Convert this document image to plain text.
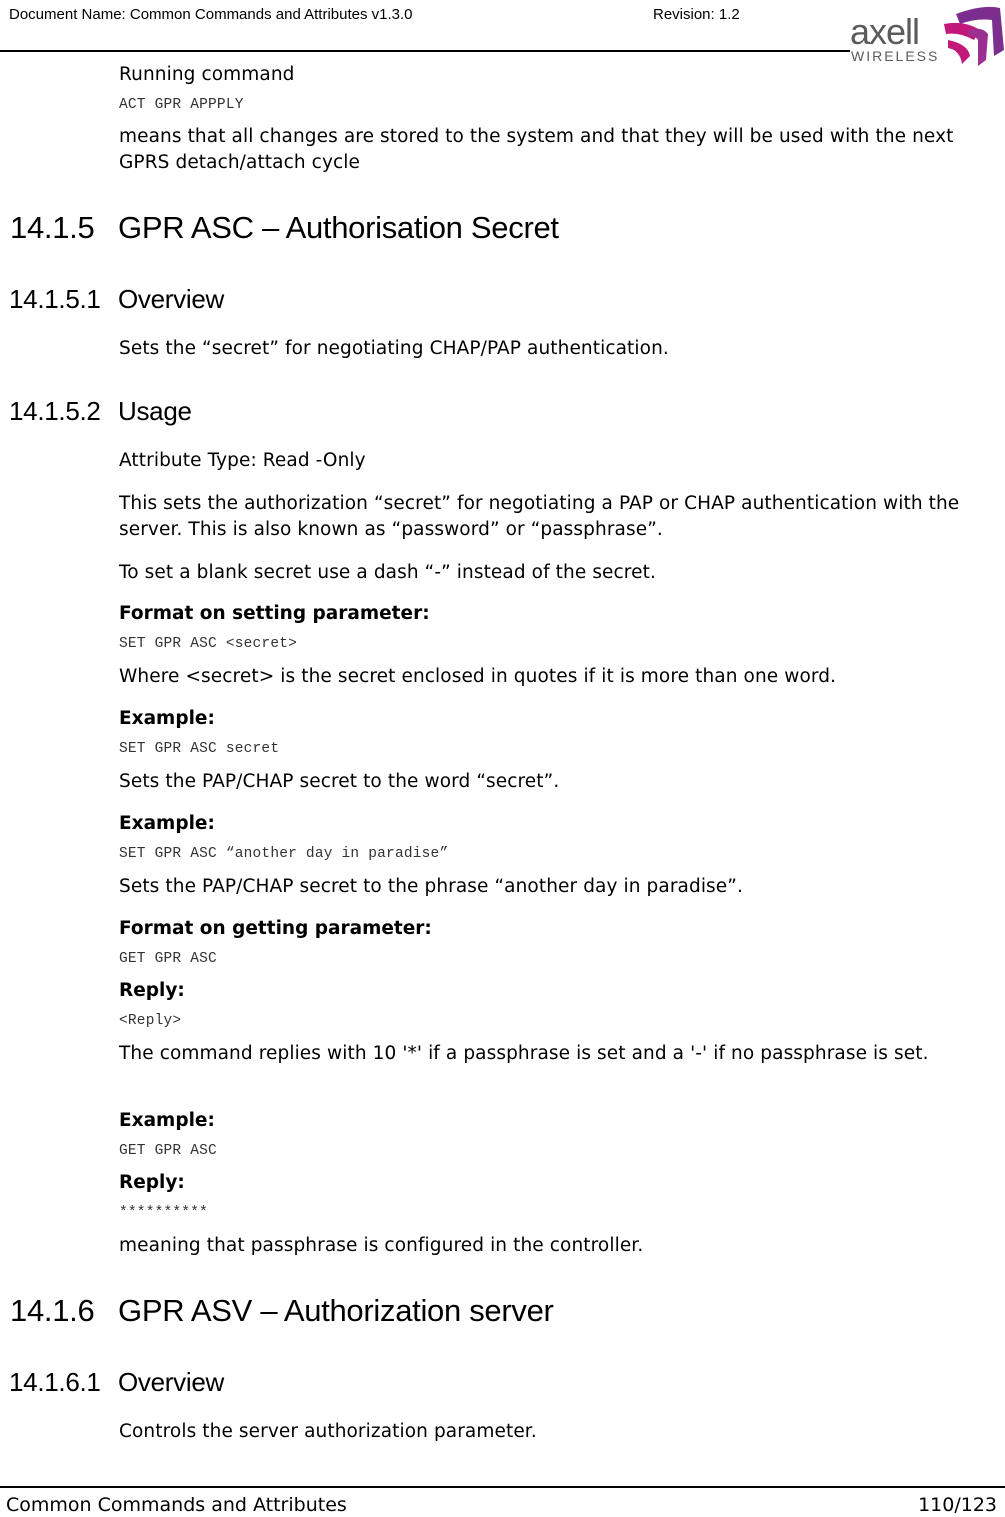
Document Name: Common Commands and Attributes v1.3.0	Revision: 1.2	axell
WIRELESS
Running command
ACT GPR APPPLY
means that all changes are stored to the system and that they will be used with the next GPRS detach/attach cycle
14.1.5 GPR ASC – Authorisation Secret
14.1.5.1 Overview
Sets the “secret” for negotiating CHAP/PAP authentication.
14.1.5.2 Usage
Attribute Type: Read -Only
This sets the authorization “secret” for negotiating a PAP or CHAP authentication with the server. This is also known as “password” or “passphrase”.
To set a blank secret use a dash “-” instead of the secret.
Format on setting parameter:
SET GPR ASC <secret>
Where <secret> is the secret enclosed in quotes if it is more than one word.
Example:
SET GPR ASC secret
Sets the PAP/CHAP secret to the word “secret”.
Example:
SET GPR ASC “another day in paradise”
Sets the PAP/CHAP secret to the phrase “another day in paradise”.
Format on getting parameter:
GET GPR ASC
Reply:
<Reply>
The command replies with 10 '*' if a passphrase is set and a '-' if no passphrase is set.
Example:
GET GPR ASC
Reply:
**********
meaning that passphrase is configured in the controller.
14.1.6 GPR ASV – Authorization server
14.1.6.1 Overview
Controls the server authorization parameter.
Common Commands and Attributes	110/123
